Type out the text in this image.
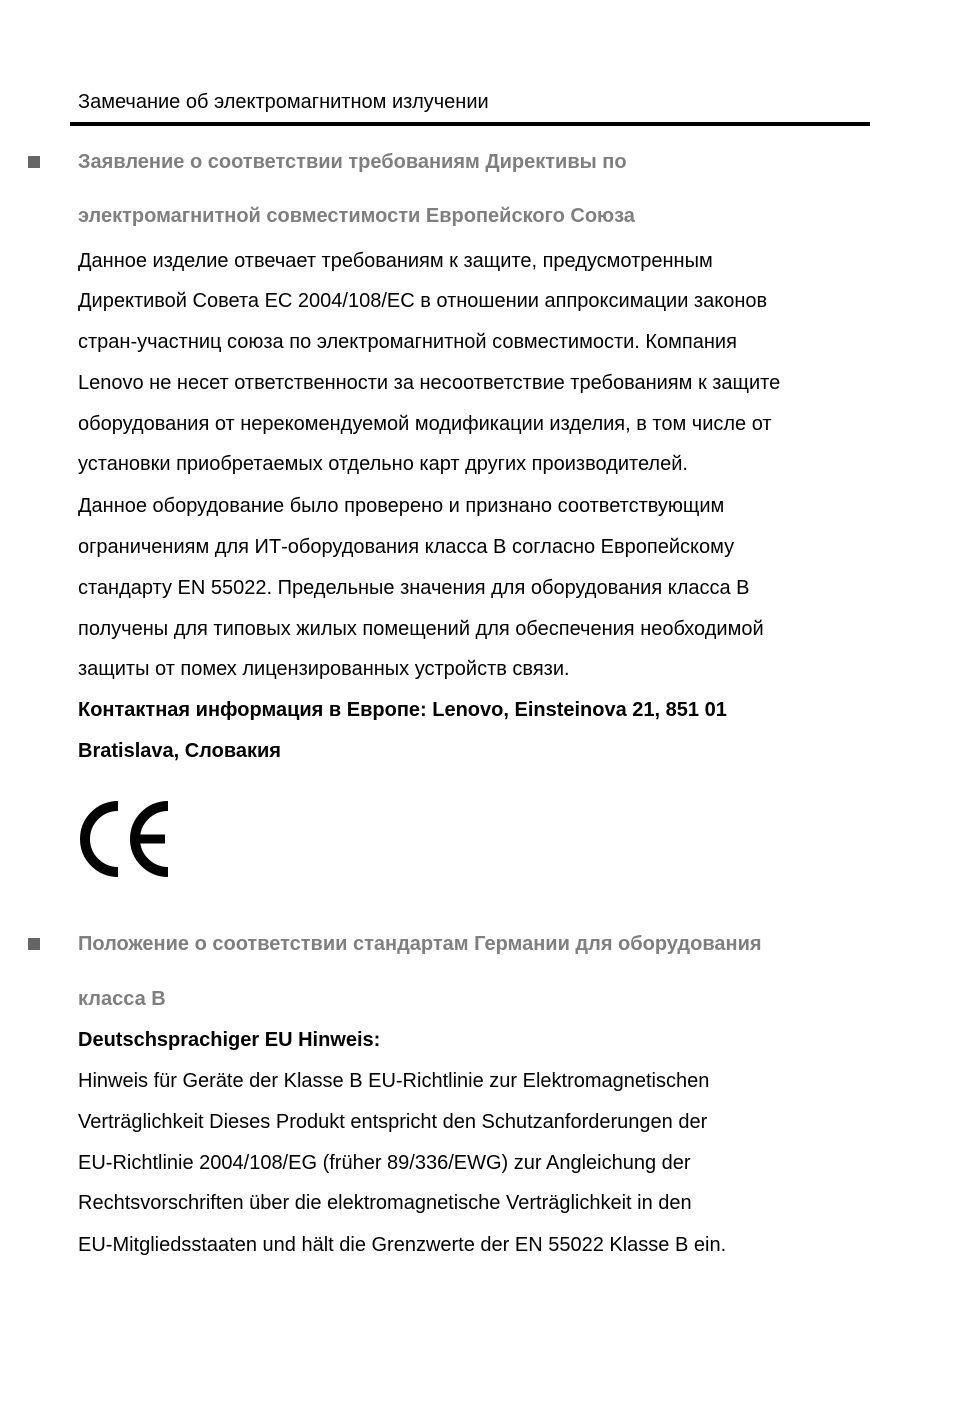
Замечание об электромагнитном излучении
Заявление о соответствии требованиям Директивы по
электромагнитной совместимости Европейского Союза
Данное изделие отвечает требованиям к защите, предусмотренным
Директивой Совета ЕС 2004/108/ЕС в отношении аппроксимации законов
стран-участниц союза по электромагнитной совместимости. Компания
Lenovo не несет ответственности за несоответствие требованиям к защите
оборудования от нерекомендуемой модификации изделия, в том числе от
установки приобретаемых отдельно карт других производителей.
Данное оборудование было проверено и признано соответствующим
ограничениям для ИТ-оборудования класса В согласно Европейскому
стандарту EN 55022. Предельные значения для оборудования класса В
получены для типовых жилых помещений для обеспечения необходимой
защиты от помех лицензированных устройств связи.
Контактная информация в Европе: Lenovo, Einsteinova 21, 851 01
Bratislava, Словакия
Положение о соответствии стандартам Германии для оборудования
класса В
Deutschsprachiger EU Hinweis:
Hinweis für Geräte der Klasse B EU-Richtlinie zur Elektromagnetischen
Verträglichkeit Dieses Produkt entspricht den Schutzanforderungen der
EU-Richtlinie 2004/108/EG (früher 89/336/EWG) zur Angleichung der
Rechtsvorschriften über die elektromagnetische Verträglichkeit in den
EU-Mitgliedsstaaten und hält die Grenzwerte der EN 55022 Klasse B ein.
